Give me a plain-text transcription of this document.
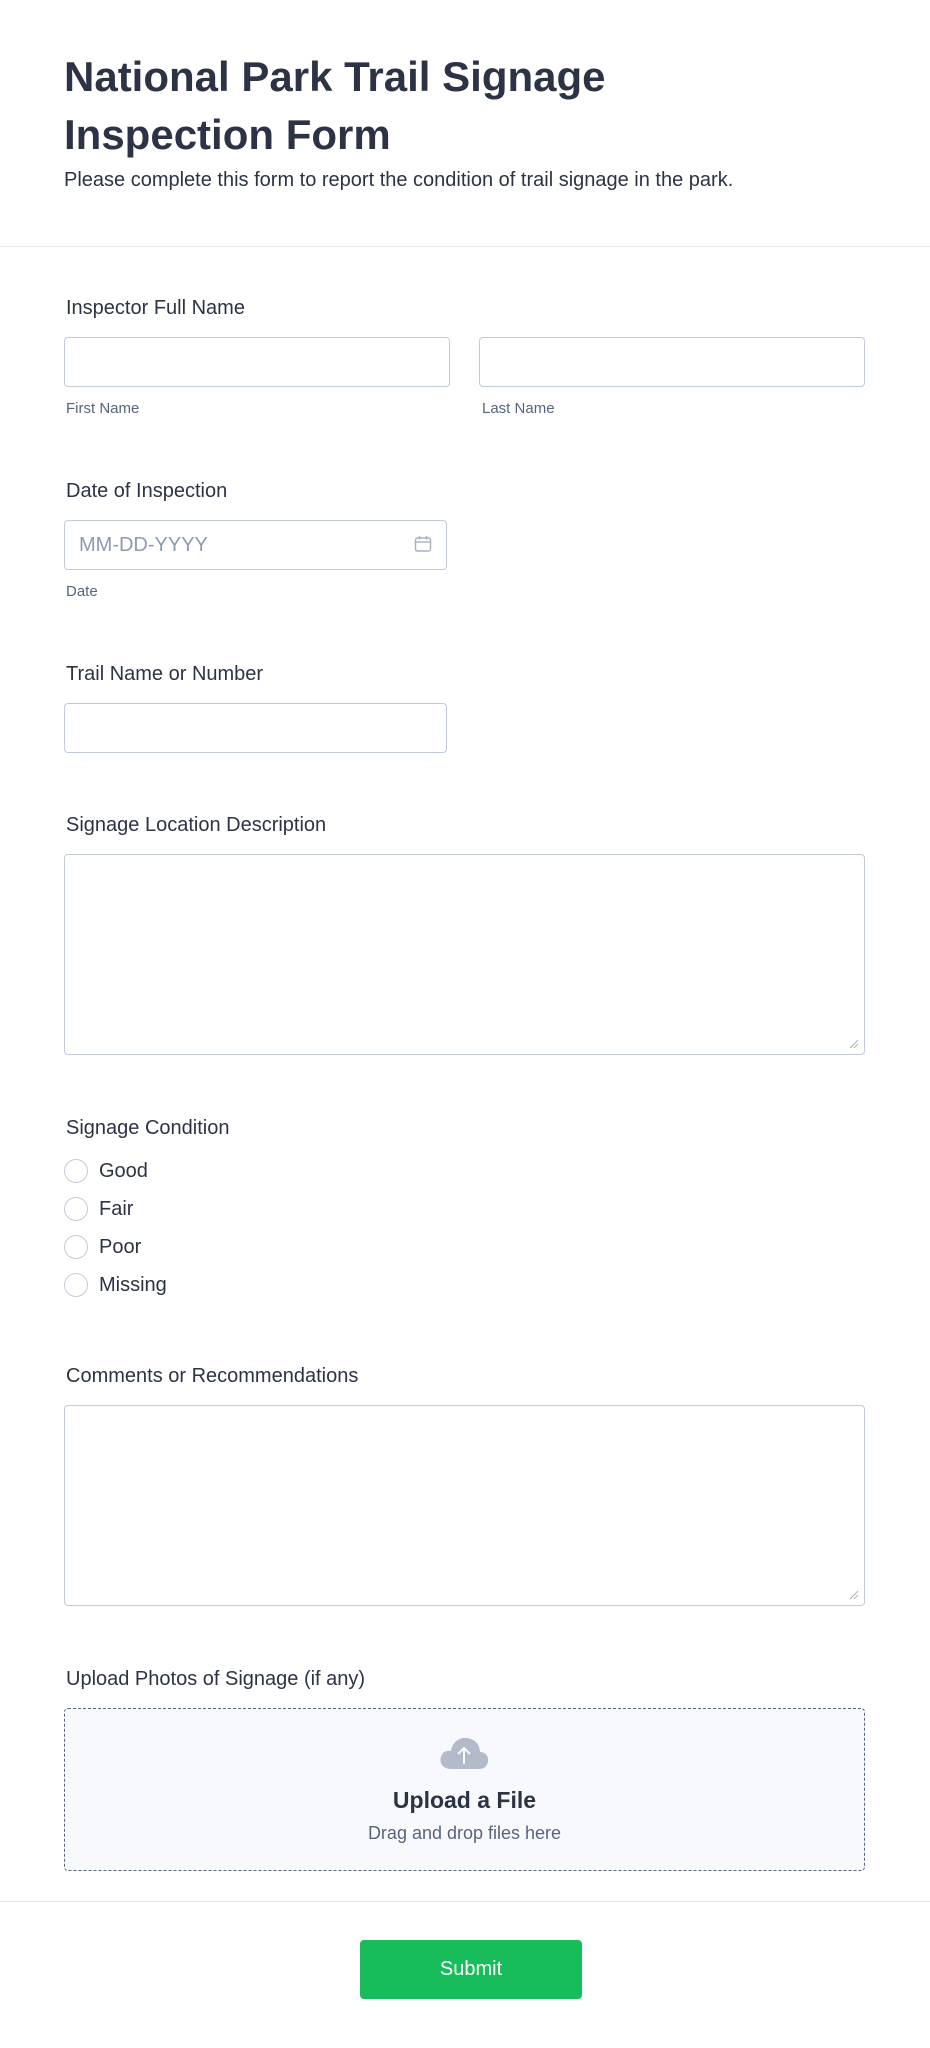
National Park Trail Signage Inspection Form

Please complete this form to report the condition of trail signage in the park.

Inspector Full Name
First Name	Last Name
Date of Inspection
MM-DD-YYYY
Date
Trail Name or Number
Signage Location Description
Signage Condition
Good
Fair
Poor
Missing
Comments or Recommendations
Upload Photos of Signage (if any)
Upload a File
Drag and drop files here
Submit
